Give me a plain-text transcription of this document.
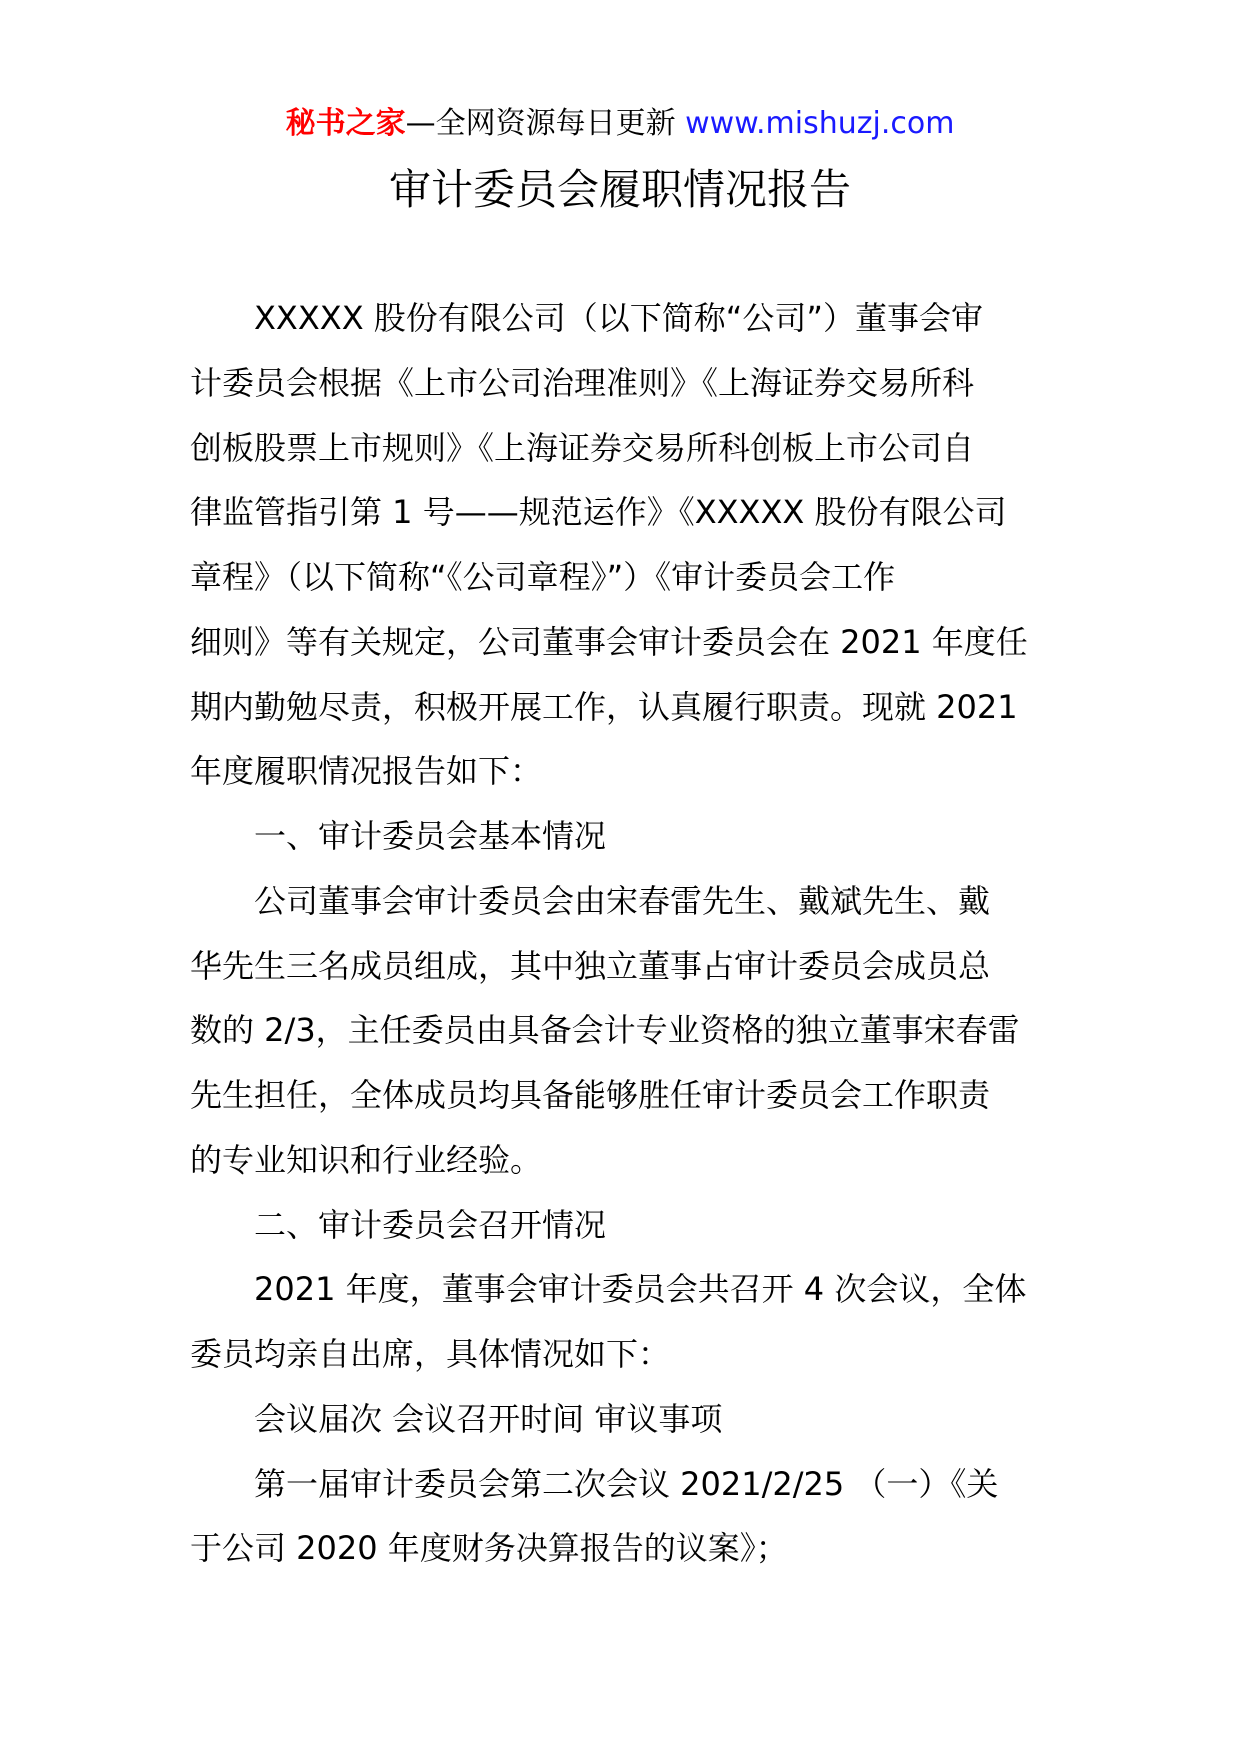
秘书之家—全网资源每日更新 www.mishuzj.com
审计委员会履职情况报告
XXXXX 股份有限公司（以下简称“公司”）董事会审
计委员会根据《上市公司治理准则》《上海证券交易所科
创板股票上市规则》《上海证券交易所科创板上市公司自
律监管指引第 1 号——规范运作》《XXXXX 股份有限公司
章程》（以下简称“《公司章程》”）《审计委员会工作
细则》等有关规定，公司董事会审计委员会在 2021 年度任
期内勤勉尽责，积极开展工作，认真履行职责。现就 2021
年度履职情况报告如下：
一、审计委员会基本情况
公司董事会审计委员会由宋春雷先生、戴斌先生、戴
华先生三名成员组成，其中独立董事占审计委员会成员总
数的 2/3，主任委员由具备会计专业资格的独立董事宋春雷
先生担任，全体成员均具备能够胜任审计委员会工作职责
的专业知识和行业经验。
二、审计委员会召开情况
2021 年度，董事会审计委员会共召开 4 次会议，全体
委员均亲自出席，具体情况如下：
会议届次 会议召开时间 审议事项
第一届审计委员会第二次会议 2021/2/25 （一）《关
于公司 2020 年度财务决算报告的议案》；
